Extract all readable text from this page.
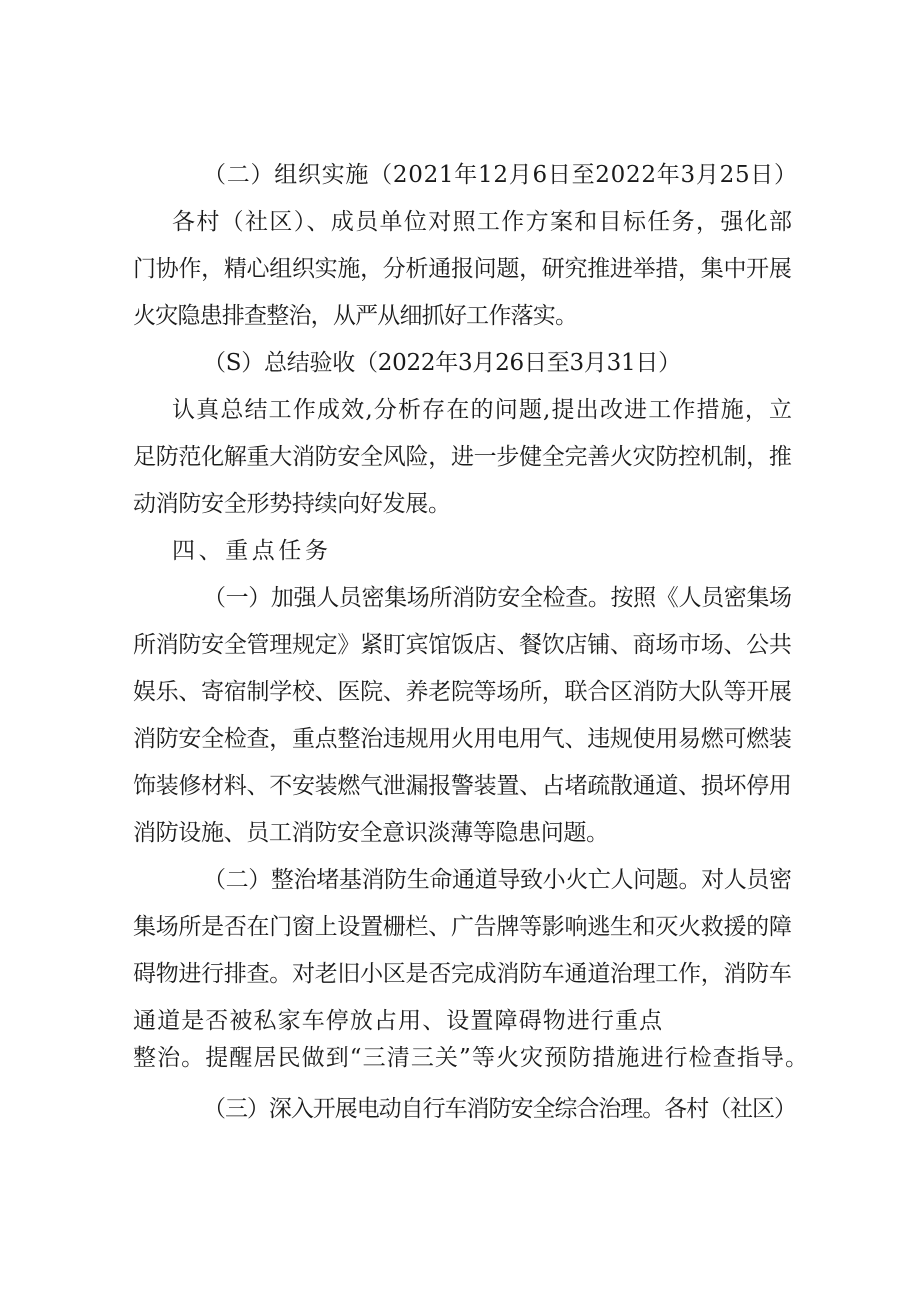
（二）组织实施（2021年12月6日至2022年3月25日）
各村（社区）、成员单位对照工作方案和目标任务，强化部
门协作，精心组织实施，分析通报问题，研究推进举措，集中开展
火灾隐患排查整治，从严从细抓好工作落实。
（S）总结验收（2022年3月26日至3月31日）
认真总结工作成效,分析存在的问题,提出改进工作措施，立
足防范化解重大消防安全风险，进一步健全完善火灾防控机制，推
动消防安全形势持续向好发展。
四、重点任务
（一）加强人员密集场所消防安全检查。按照《人员密集场
所消防安全管理规定》紧盯宾馆饭店、餐饮店铺、商场市场、公共
娱乐、寄宿制学校、医院、养老院等场所，联合区消防大队等开展
消防安全检查，重点整治违规用火用电用气、违规使用易燃可燃装
饰装修材料、不安装燃气泄漏报警装置、占堵疏散通道、损坏停用
消防设施、员工消防安全意识淡薄等隐患问题。
（二）整治堵基消防生命通道导致小火亡人问题。对人员密
集场所是否在门窗上设置栅栏、广告牌等影响逃生和灭火救援的障
碍物进行排查。对老旧小区是否完成消防车通道治理工作，消防车
通道是否被私家车停放占用、设置障碍物进行重点
整治。提醒居民做到“三清三关”等火灾预防措施进行检查指导。
（三）深入开展电动自行车消防安全综合治理。各村（社区）
